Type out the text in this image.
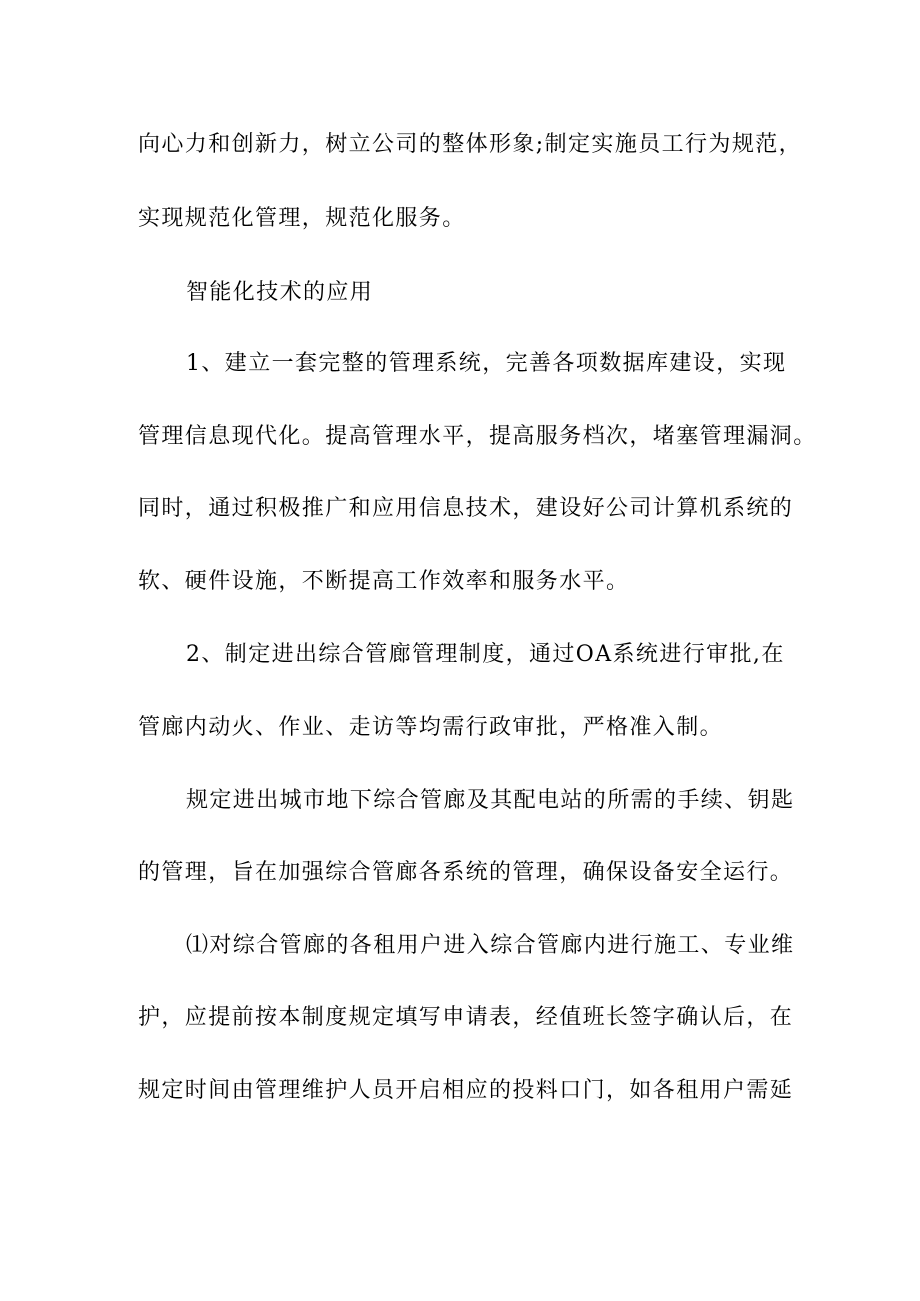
向心力和创新力，树立公司的整体形象;制定实施员工行为规范，
实现规范化管理，规范化服务。
智能化技术的应用
1、建立一套完整的管理系统，完善各项数据库建设，实现
管理信息现代化。提高管理水平，提高服务档次，堵塞管理漏洞。
同时，通过积极推广和应用信息技术，建设好公司计算机系统的
软、硬件设施，不断提高工作效率和服务水平。
2、制定进出综合管廊管理制度，通过OA系统进行审批,在
管廊内动火、作业、走访等均需行政审批，严格准入制。
规定进出城市地下综合管廊及其配电站的所需的手续、钥匙
的管理，旨在加强综合管廊各系统的管理，确保设备安全运行。
⑴对综合管廊的各租用户进入综合管廊内进行施工、专业维
护，应提前按本制度规定填写申请表，经值班长签字确认后，在
规定时间由管理维护人员开启相应的投料口门，如各租用户需延
